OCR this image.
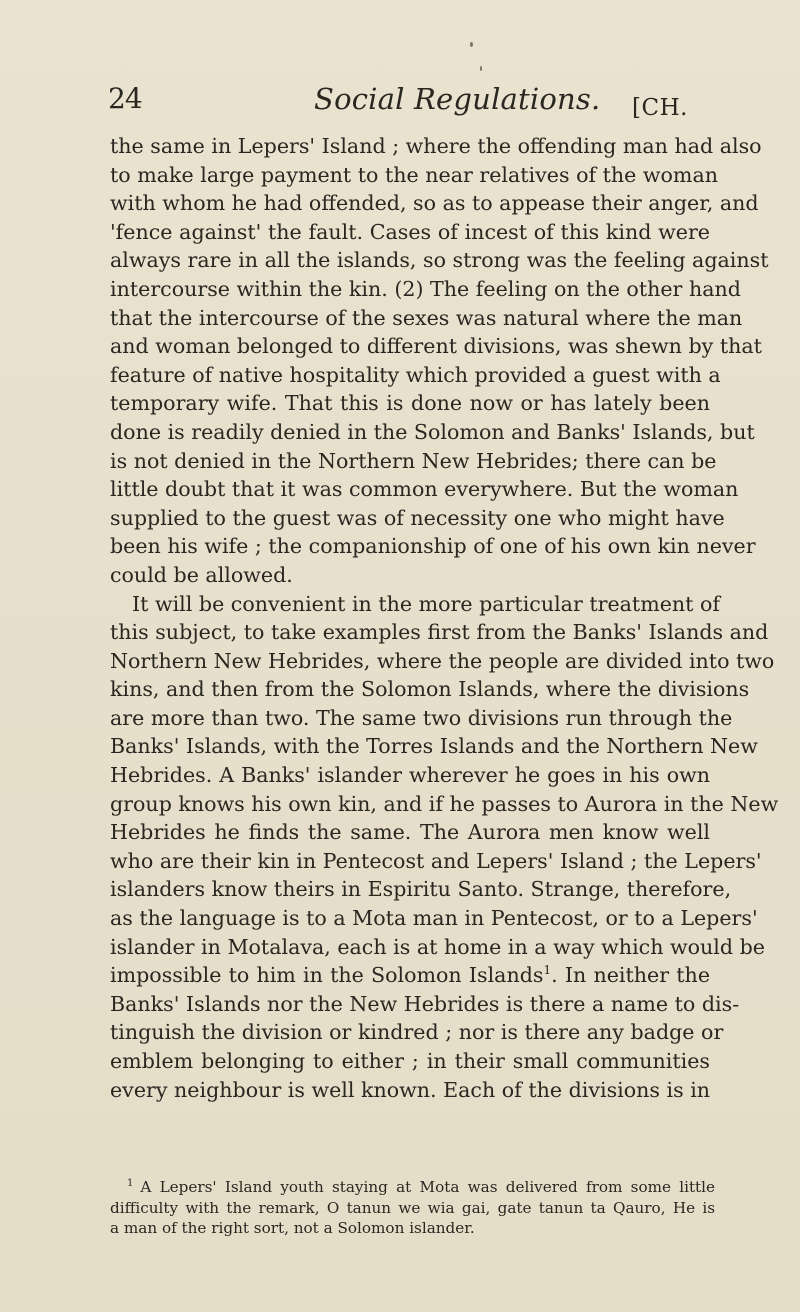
24	Social Regulations. [CH.
the same in Lepers' Island ; where the offending man had also
to make large payment to the near relatives of the woman
with whom he had offended, so as to appease their anger, and
'fence against' the fault. Cases of incest of this kind were
always rare in all the islands, so strong was the feeling against
intercourse within the kin. (2) The feeling on the other hand
that the intercourse of the sexes was natural where the man
and woman belonged to different divisions, was shewn by that
feature of native hospitality which provided a guest with a
temporary wife. That this is done now or has lately been
done is readily denied in the Solomon and Banks' Islands, but
is not denied in the Northern New Hebrides; there can be
little doubt that it was common everywhere. But the woman
supplied to the guest was of necessity one who might have
been his wife ; the companionship of one of his own kin never
could be allowed.
It will be convenient in the more particular treatment of
this subject, to take examples first from the Banks' Islands and
Northern New Hebrides, where the people are divided into two
kins, and then from the Solomon Islands, where the divisions
are more than two. The same two divisions run through the
Banks' Islands, with the Torres Islands and the Northern New
Hebrides. A Banks' islander wherever he goes in his own
group knows his own kin, and if he passes to Aurora in the New
Hebrides he finds the same. The Aurora men know well
who are their kin in Pentecost and Lepers' Island ; the Lepers'
islanders know theirs in Espiritu Santo. Strange, therefore,
as the language is to a Mota man in Pentecost, or to a Lepers'
islander in Motalava, each is at home in a way which would be
impossible to him in the Solomon Islands$^1$. In neither the
Banks' Islands nor the New Hebrides is there a name to dis-
tinguish the division or kindred ; nor is there any badge or
emblem belonging to either ; in their small communities
every neighbour is well known. Each of the divisions is in
$^1$ A Lepers' Island youth staying at Mota was delivered from some little
difficulty with the remark, O tanun we wia gai, gate tanun ta Qauro, He is
a man of the right sort, not a Solomon islander.
